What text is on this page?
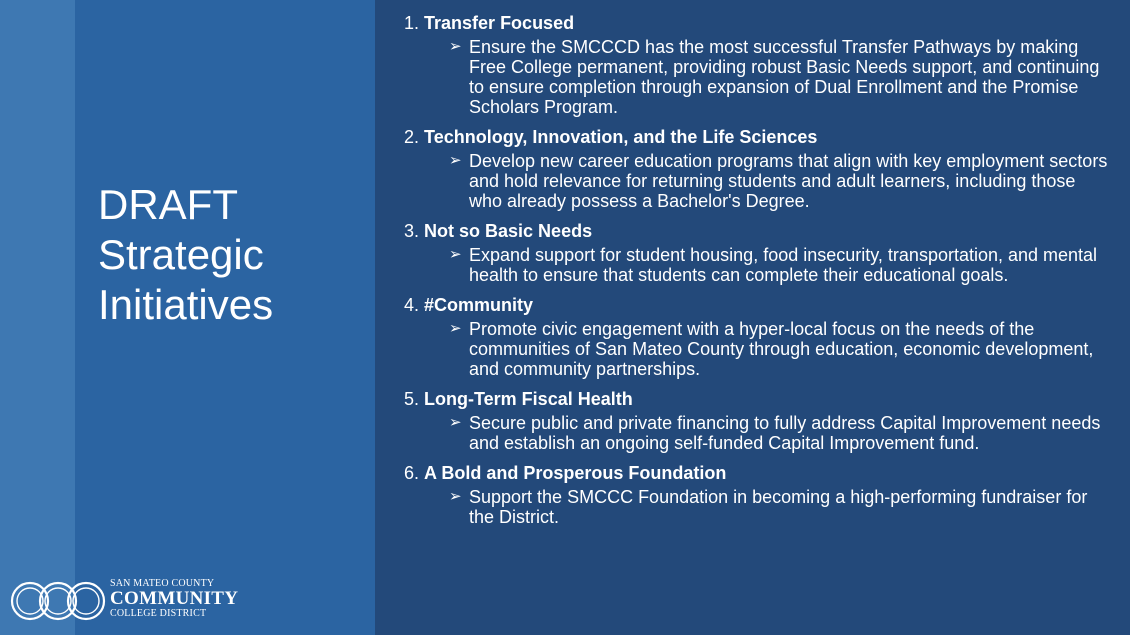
DRAFT
Strategic
Initiatives
SAN MATEO COUNTY
COMMUNITY
COLLEGE DISTRICT
1. Transfer Focused
➢ Ensure the SMCCCD has the most successful Transfer Pathways by making Free College permanent, providing robust Basic Needs support, and continuing to ensure completion through expansion of Dual Enrollment and the Promise Scholars Program.
2. Technology, Innovation, and the Life Sciences
➢ Develop new career education programs that align with key employment sectors and hold relevance for returning students and adult learners, including those who already possess a Bachelor's Degree.
3. Not so Basic Needs
➢ Expand support for student housing, food insecurity, transportation, and mental health to ensure that students can complete their educational goals.
4. #Community
➢ Promote civic engagement with a hyper-local focus on the needs of the communities of San Mateo County through education, economic development, and community partnerships.
5. Long-Term Fiscal Health
➢ Secure public and private financing to fully address Capital Improvement needs and establish an ongoing self-funded Capital Improvement fund.
6. A Bold and Prosperous Foundation
➢ Support the SMCCC Foundation in becoming a high-performing fundraiser for the District.
